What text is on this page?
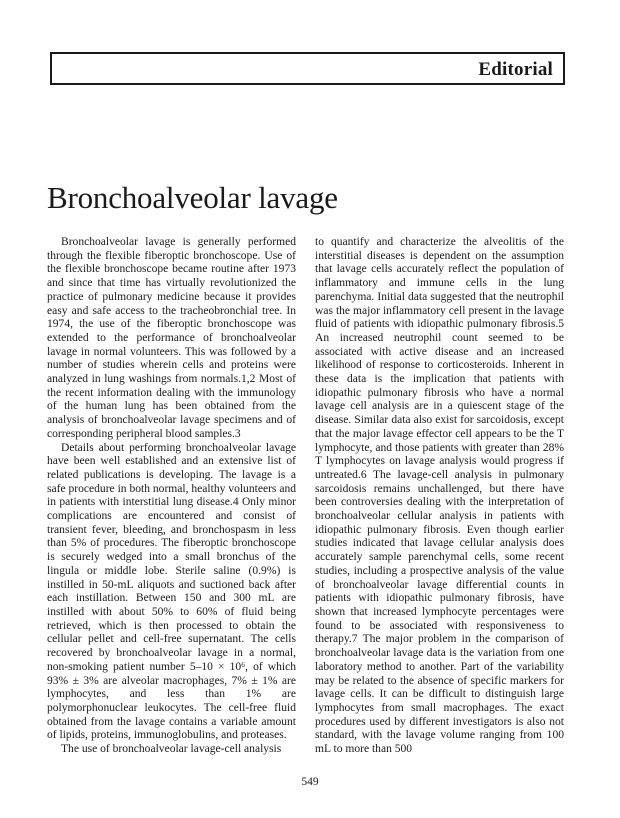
Editorial
Bronchoalveolar lavage

Bronchoalveolar lavage is generally performed through the flexible fiberoptic bronchoscope. Use of the flexible bronchoscope became routine after 1973 and since that time has virtually revolutionized the practice of pulmonary medicine because it provides easy and safe access to the tracheobronchial tree. In 1974, the use of the fiberoptic bronchoscope was extended to the performance of bronchoalveolar lavage in normal volunteers. This was followed by a number of studies wherein cells and proteins were analyzed in lung washings from normals.1,2 Most of the recent information dealing with the immunology of the human lung has been obtained from the analysis of bronchoalveolar lavage specimens and of corresponding peripheral blood samples.3

Details about performing bronchoalveolar lavage have been well established and an extensive list of related publications is developing. The lavage is a safe procedure in both normal, healthy volunteers and in patients with interstitial lung disease.4 Only minor complications are encountered and consist of transient fever, bleeding, and bronchospasm in less than 5% of procedures. The fiberoptic bronchoscope is securely wedged into a small bronchus of the lingula or middle lobe. Sterile saline (0.9%) is instilled in 50-mL aliquots and suctioned back after each instillation. Between 150 and 300 mL are instilled with about 50% to 60% of fluid being retrieved, which is then processed to obtain the cellular pellet and cell-free supernatant. The cells recovered by bronchoalveolar lavage in a normal, non-smoking patient number 5–10 × 10⁶, of which 93% ± 3% are alveolar macrophages, 7% ± 1% are lymphocytes, and less than 1% are polymorphonuclear leukocytes. The cell-free fluid obtained from the lavage contains a variable amount of lipids, proteins, immunoglobulins, and proteases.

The use of bronchoalveolar lavage-cell analysis

to quantify and characterize the alveolitis of the interstitial diseases is dependent on the assumption that lavage cells accurately reflect the population of inflammatory and immune cells in the lung parenchyma. Initial data suggested that the neutrophil was the major inflammatory cell present in the lavage fluid of patients with idiopathic pulmonary fibrosis.5 An increased neutrophil count seemed to be associated with active disease and an increased likelihood of response to corticosteroids. Inherent in these data is the implication that patients with idiopathic pulmonary fibrosis who have a normal lavage cell analysis are in a quiescent stage of the disease. Similar data also exist for sarcoidosis, except that the major lavage effector cell appears to be the T lymphocyte, and those patients with greater than 28% T lymphocytes on lavage analysis would progress if untreated.6 The lavage-cell analysis in pulmonary sarcoidosis remains unchallenged, but there have been controversies dealing with the interpretation of bronchoalveolar cellular analysis in patients with idiopathic pulmonary fibrosis. Even though earlier studies indicated that lavage cellular analysis does accurately sample parenchymal cells, some recent studies, including a prospective analysis of the value of bronchoalveolar lavage differential counts in patients with idiopathic pulmonary fibrosis, have shown that increased lymphocyte percentages were found to be associated with responsiveness to therapy.7 The major problem in the comparison of bronchoalveolar lavage data is the variation from one laboratory method to another. Part of the variability may be related to the absence of specific markers for lavage cells. It can be difficult to distinguish large lymphocytes from small macrophages. The exact procedures used by different investigators is also not standard, with the lavage volume ranging from 100 mL to more than 500

549
